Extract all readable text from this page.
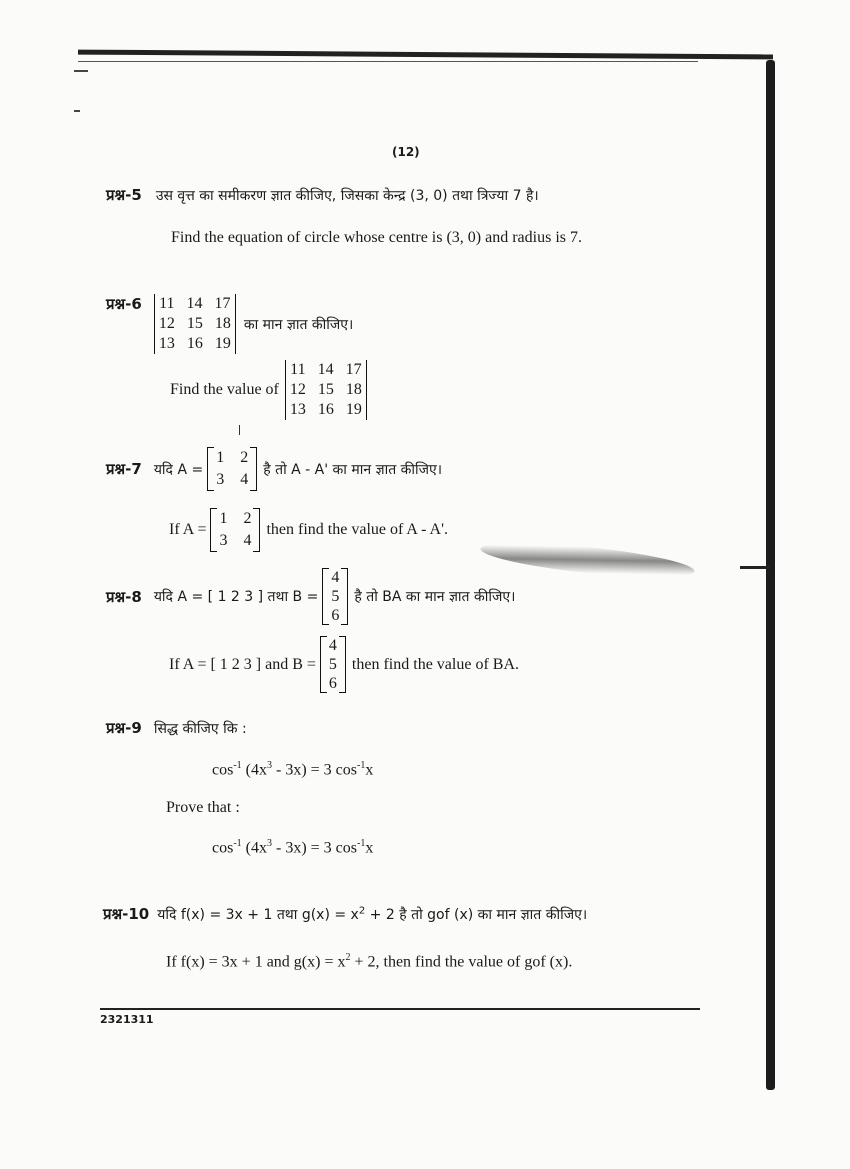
(12)
प्रश्न-5 उस वृत्त का समीकरण ज्ञात कीजिए, जिसका केन्द्र (3, 0) तथा त्रिज्या 7 है।
Find the equation of circle whose centre is (3, 0) and radius is 7.
प्रश्न-6 11 14 17
12 15 18
13 16 19
का मान ज्ञात कीजिए।
Find the value of
11 14 17
12 15 18
13 16 19
प्रश्न-7 यदि A =
1 2
3 4
है तो A - A' का मान ज्ञात कीजिए।
If A =
1 2
3 4
then find the value of A - A'.
प्रश्न-8 यदि A = [ 1 2 3 ] तथा B =
4
5
6
है तो BA का मान ज्ञात कीजिए।
If A = [ 1 2 3 ] and B =
4
5
6
then find the value of BA.
प्रश्न-9 सिद्ध कीजिए कि :
$\cos^{-1} (4x^3 - 3x) = 3$ $\cos^{-1}x$
Prove that :
$\cos^{-1} (4x^3 - 3x) = 3$ $\cos^{-1}x$
प्रश्न-10 यदि f(x) = 3x + 1 तथा $g(x) = x^2 + 2$ है तो gof (x) का मान ज्ञात कीजिए।
If f(x) = 3x + 1 and $g(x) = x^2 + 2$, then find the value of gof (x).
2321311
